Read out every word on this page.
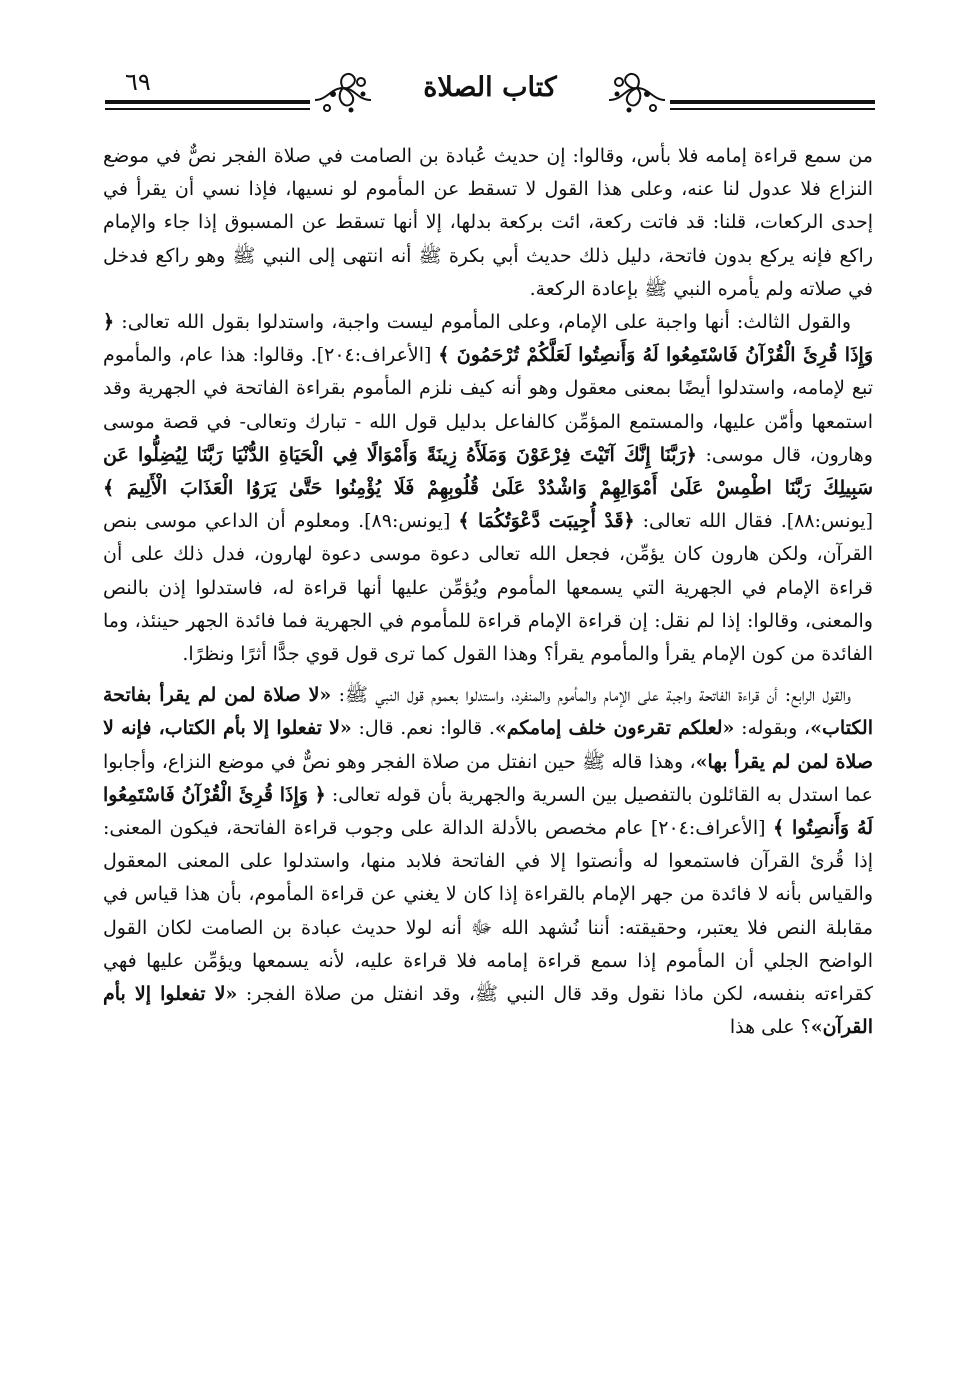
٦٩	كتاب الصلاة

من سمع قراءة إمامه فلا بأس، وقالوا: إن حديث عُبادة بن الصامت في صلاة الفجر نصٌّ في موضع النزاع فلا عدول لنا عنه، وعلى هذا القول لا تسقط عن المأموم لو نسيها، فإذا نسي أن يقرأ في إحدى الركعات، قلنا: قد فاتت ركعة، ائت بركعة بدلها، إلا أنها تسقط عن المسبوق إذا جاء والإمام راكع فإنه يركع بدون فاتحة، دليل ذلك حديث أبي بكرة ﷺ أنه انتهى إلى النبي ﷺ وهو راكع فدخل في صلاته ولم يأمره النبي ﷺ بإعادة الركعة.

والقول الثالث: أنها واجبة على الإمام، وعلى المأموم ليست واجبة، واستدلوا بقول الله تعالى: ﴿ وَإِذَا قُرِئَ الْقُرْآنُ فَاسْتَمِعُوا لَهُ وَأَنصِتُوا لَعَلَّكُمْ تُرْحَمُونَ ﴾ [الأعراف:٢٠٤]. وقالوا: هذا عام، والمأموم تبع لإمامه، واستدلوا أيضًا بمعنى معقول وهو أنه كيف نلزم المأموم بقراءة الفاتحة في الجهرية وقد استمعها وأمّن عليها، والمستمع المؤمِّن كالفاعل بدليل قول الله - تبارك وتعالى- في قصة موسى وهارون، قال موسى: ﴿رَبَّنَا إِنَّكَ آتَيْتَ فِرْعَوْنَ وَمَلَأَهُ زِينَةً وَأَمْوَالًا فِي الْحَيَاةِ الدُّنْيَا رَبَّنَا لِيُضِلُّوا عَن سَبِيلِكَ رَبَّنَا اطْمِسْ عَلَىٰ أَمْوَالِهِمْ وَاشْدُدْ عَلَىٰ قُلُوبِهِمْ فَلَا يُؤْمِنُوا حَتَّىٰ يَرَوُا الْعَذَابَ الْأَلِيمَ ﴾ [يونس:٨٨]. فقال الله تعالى: ﴿قَدْ أُجِيبَت دَّعْوَتُكُمَا ﴾ [يونس:٨٩]. ومعلوم أن الداعي موسى بنص القرآن، ولكن هارون كان يؤمِّن، فجعل الله تعالى دعوة موسى دعوة لهارون، فدل ذلك على أن قراءة الإمام في الجهرية التي يسمعها المأموم ويُؤمِّن عليها أنها قراءة له، فاستدلوا إذن بالنص والمعنى، وقالوا: إذا لم نقل: إن قراءة الإمام قراءة للمأموم في الجهرية فما فائدة الجهر حينئذ، وما الفائدة من كون الإمام يقرأ والمأموم يقرأ؟ وهذا القول كما ترى قول قوي جدًّا أثرًا ونظرًا.

والقول الرابع: أن قراءة الفاتحة واجبة على الإمام والمأموم والمنفرد، واستدلوا بعموم قول النبي ﷺ: «لا صلاة لمن لم يقرأ بفاتحة الكتاب»، وبقوله: «لعلكم تقرءون خلف إمامكم». قالوا: نعم. قال: «لا تفعلوا إلا بأم الكتاب، فإنه لا صلاة لمن لم يقرأ بها»، وهذا قاله ﷺ حين انفتل من صلاة الفجر وهو نصٌّ في موضع النزاع، وأجابوا عما استدل به القائلون بالتفصيل بين السرية والجهرية بأن قوله تعالى: ﴿ وَإِذَا قُرِئَ الْقُرْآنُ فَاسْتَمِعُوا لَهُ وَأَنصِتُوا ﴾ [الأعراف:٢٠٤] عام مخصص بالأدلة الدالة على وجوب قراءة الفاتحة، فيكون المعنى: إذا قُرئ القرآن فاستمعوا له وأنصتوا إلا في الفاتحة فلابد منها، واستدلوا على المعنى المعقول والقياس بأنه لا فائدة من جهر الإمام بالقراءة إذا كان لا يغني عن قراءة المأموم، بأن هذا قياس في مقابلة النص فلا يعتبر، وحقيقته: أننا نُشهد الله ﷻ أنه لولا حديث عبادة بن الصامت لكان القول الواضح الجلي أن المأموم إذا سمع قراءة إمامه فلا قراءة عليه، لأنه يسمعها ويؤمِّن عليها فهي كقراءته بنفسه، لكن ماذا نقول وقد قال النبي ﷺ، وقد انفتل من صلاة الفجر: «لا تفعلوا إلا بأم القرآن»؟ على هذا
